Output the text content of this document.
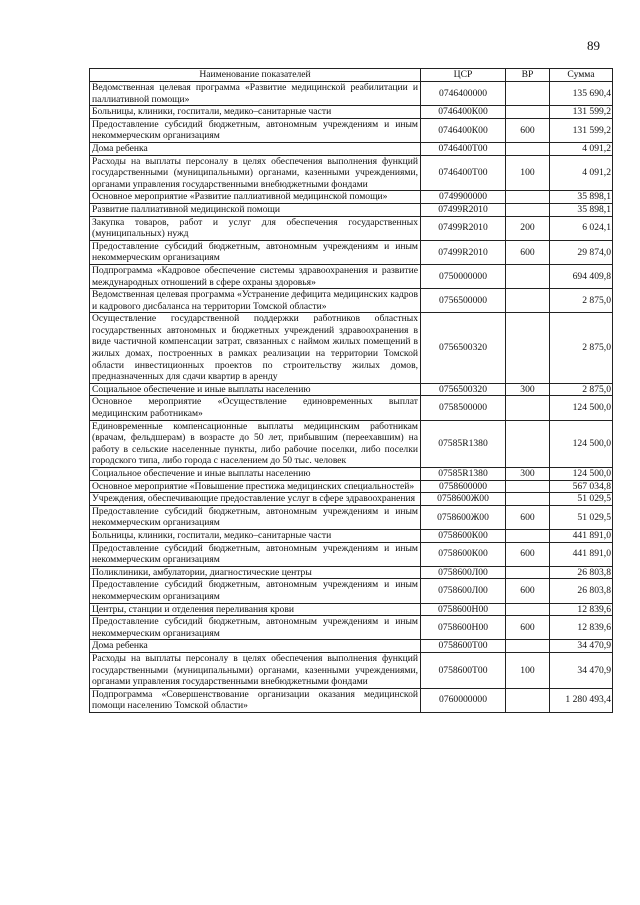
89
Наименование показателей	ЦСР	ВР	Сумма
Ведомственная целевая программа «Развитие медицинской реабилитации и паллиативной помощи»	0746400000		135 690,4
Больницы, клиники, госпитали, медико–санитарные части	0746400К00		131 599,2
Предоставление субсидий бюджетным, автономным учреждениям и иным некоммерческим организациям	0746400К00	600	131 599,2
Дома ребенка	0746400Т00		4 091,2
Расходы на выплаты персоналу в целях обеспечения выполнения функций государственными (муниципальными) органами, казенными учреждениями, органами управления государственными внебюджетными фондами	0746400Т00	100	4 091,2
Основное мероприятие «Развитие паллиативной медицинской помощи»	0749900000		35 898,1
Развитие паллиативной медицинской помощи	07499R2010		35 898,1
Закупка товаров, работ и услуг для обеспечения государственных (муниципальных) нужд	07499R2010	200	6 024,1
Предоставление субсидий бюджетным, автономным учреждениям и иным некоммерческим организациям	07499R2010	600	29 874,0
Подпрограмма «Кадровое обеспечение системы здравоохранения и развитие международных отношений в сфере охраны здоровья»	0750000000		694 409,8
Ведомственная целевая программа «Устранение дефицита медицинских кадров и кадрового дисбаланса на территории Томской области»	0756500000		2 875,0
Осуществление государственной поддержки работников областных государственных автономных и бюджетных учреждений здравоохранения в виде частичной компенсации затрат, связанных с наймом жилых помещений в жилых домах, построенных в рамках реализации на территории Томской области инвестиционных проектов по строительству жилых домов, предназначенных для сдачи квартир в аренду	0756500320		2 875,0
Социальное обеспечение и иные выплаты населению	0756500320	300	2 875,0
Основное мероприятие «Осуществление единовременных выплат медицинским работникам»	0758500000		124 500,0
Единовременные компенсационные выплаты медицинским работникам (врачам, фельдшерам) в возрасте до 50 лет, прибывшим (переехавшим) на работу в сельские населенные пункты, либо рабочие поселки, либо поселки городского типа, либо города с населением до 50 тыс. человек	07585R1380		124 500,0
Социальное обеспечение и иные выплаты населению	07585R1380	300	124 500,0
Основное мероприятие «Повышение престижа медицинских специальностей»	0758600000		567 034,8
Учреждения, обеспечивающие предоставление услуг в сфере здравоохранения	0758600Ж00		51 029,5
Предоставление субсидий бюджетным, автономным учреждениям и иным некоммерческим организациям	0758600Ж00	600	51 029,5
Больницы, клиники, госпитали, медико–санитарные части	0758600К00		441 891,0
Предоставление субсидий бюджетным, автономным учреждениям и иным некоммерческим организациям	0758600К00	600	441 891,0
Поликлиники, амбулатории, диагностические центры	0758600Л00		26 803,8
Предоставление субсидий бюджетным, автономным учреждениям и иным некоммерческим организациям	0758600Л00	600	26 803,8
Центры, станции и отделения переливания крови	0758600Н00		12 839,6
Предоставление субсидий бюджетным, автономным учреждениям и иным некоммерческим организациям	0758600Н00	600	12 839,6
Дома ребенка	0758600Т00		34 470,9
Расходы на выплаты персоналу в целях обеспечения выполнения функций государственными (муниципальными) органами, казенными учреждениями, органами управления государственными внебюджетными фондами	0758600Т00	100	34 470,9
Подпрограмма «Совершенствование организации оказания медицинской помощи населению Томской области»	0760000000		1 280 493,4
